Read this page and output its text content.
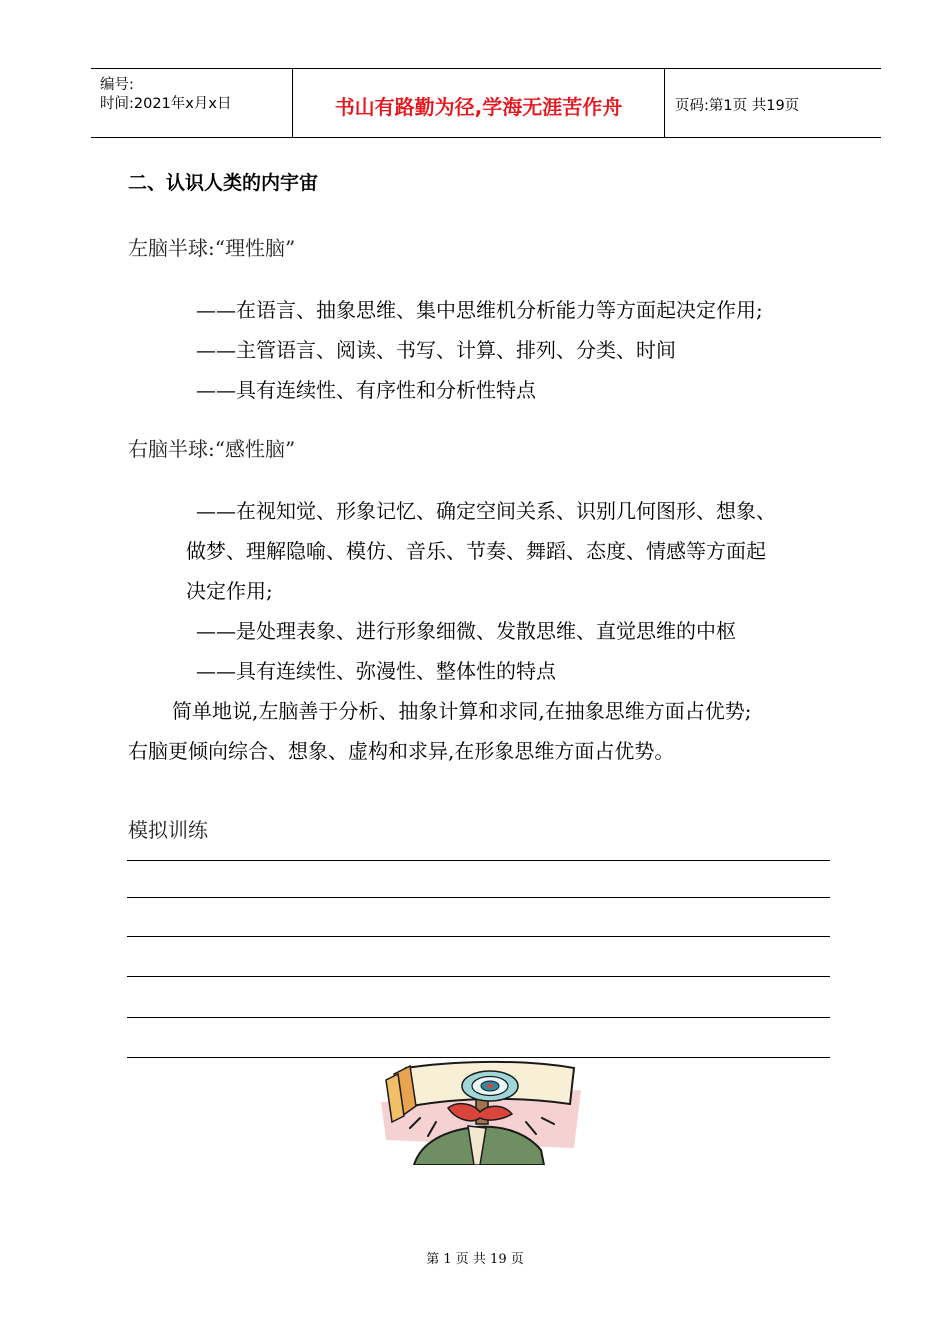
编号:
时间:2021年x月x日	书山有路勤为径,学海无涯苦作舟	页码:第1页 共19页
二、认识人类的内宇宙
左脑半球:“理性脑”
——在语言、抽象思维、集中思维机分析能力等方面起决定作用;
——主管语言、阅读、书写、计算、排列、分类、时间
——具有连续性、有序性和分析性特点
右脑半球:“感性脑”
——在视知觉、形象记忆、确定空间关系、识别几何图形、想象、
做梦、理解隐喻、模仿、音乐、节奏、舞蹈、态度、情感等方面起
决定作用;
——是处理表象、进行形象细微、发散思维、直觉思维的中枢
——具有连续性、弥漫性、整体性的特点
简单地说,左脑善于分析、抽象计算和求同,在抽象思维方面占优势;
右脑更倾向综合、想象、虚构和求异,在形象思维方面占优势。
模拟训练
第 1 页 共 19 页
